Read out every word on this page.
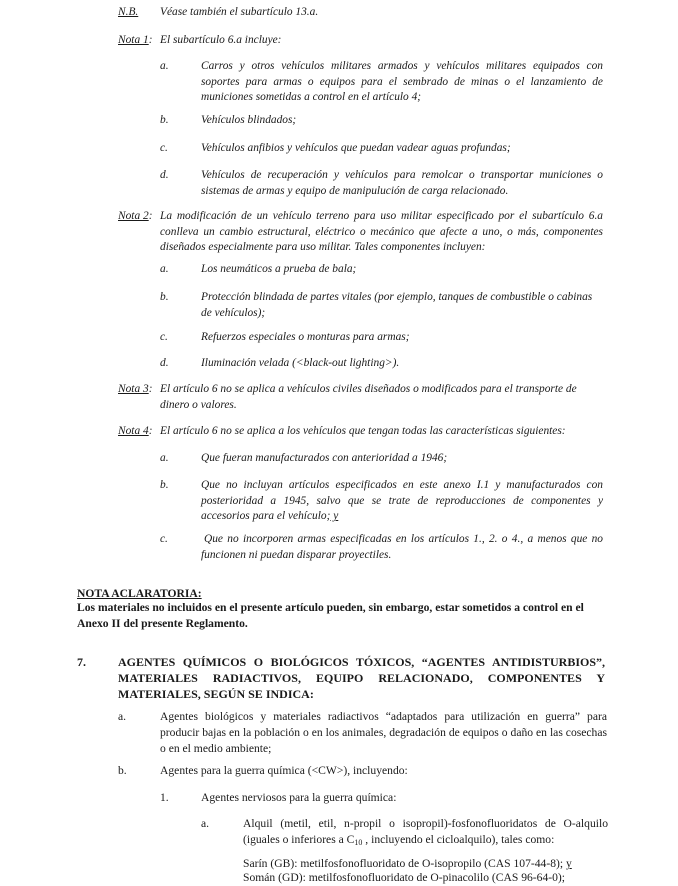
N.B. Véase también el subartículo 13.a.
Nota 1: El subartículo 6.a incluye:
a.	Carros y otros vehículos militares armados y vehículos militares equipados con soportes para armas o equipos para el sembrado de minas o el lanzamiento de municiones sometidas a control en el artículo 4;
b.	Vehículos blindados;
c.	Vehículos anfibios y vehículos que puedan vadear aguas profundas;
d.	Vehículos de recuperación y vehículos para remolcar o transportar municiones o sistemas de armas y equipo de manipulución de carga relacionado.
Nota 2: La modificación de un vehículo terreno para uso militar especificado por el subartículo 6.a conlleva un cambio estructural, eléctrico o mecánico que afecte a uno, o más, componentes diseñados especialmente para uso militar. Tales componentes incluyen:
a.	Los neumáticos a prueba de bala;
b.	Protección blindada de partes vitales (por ejemplo, tanques de combustible o cabinas de vehículos);
c.	Refuerzos especiales o monturas para armas;
d.	Iluminación velada (<black-out lighting>).
Nota 3: El artículo 6 no se aplica a vehículos civiles diseñados o modificados para el transporte de dinero o valores.
Nota 4: El artículo 6 no se aplica a los vehículos que tengan todas las características siguientes:
a.	Que fueran manufacturados con anterioridad a 1946;
b.	Que no incluyan artículos especificados en este anexo I.1 y manufacturados con posterioridad a 1945, salvo que se trate de reproducciones de componentes y accesorios para el vehículo; y
c.	Que no incorporen armas especificadas en los artículos 1., 2. o 4., a menos que no funcionen ni puedan disparar proyectiles.
NOTA ACLARATORIA:
Los materiales no incluidos en el presente artículo pueden, sin embargo, estar sometidos a control en el Anexo II del presente Reglamento.
7.	AGENTES QUÍMICOS O BIOLÓGICOS TÓXICOS, “AGENTES ANTIDISTURBIOS”, MATERIALES RADIACTIVOS, EQUIPO RELACIONADO, COMPONENTES Y MATERIALES, SEGÚN SE INDICA:
a.	Agentes biológicos y materiales radiactivos “adaptados para utilización en guerra” para producir bajas en la población o en los animales, degradación de equipos o daño en las cosechas o en el medio ambiente;
b.	Agentes para la guerra química (<CW>), incluyendo:
1.	Agentes nerviosos para la guerra química:
a.	Alquil (metil, etil, n-propil o isopropil)-fosfonofluoridatos de O-alquilo (iguales o inferiores a $C_{10}$ , incluyendo el cicloalquilo), tales como:
Sarín (GB): metilfosfonofluoridato de O-isopropilo (CAS 107-44-8); y
Somán (GD): metilfosfonofluoridato de O-pinacolilo (CAS 96-64-0);
